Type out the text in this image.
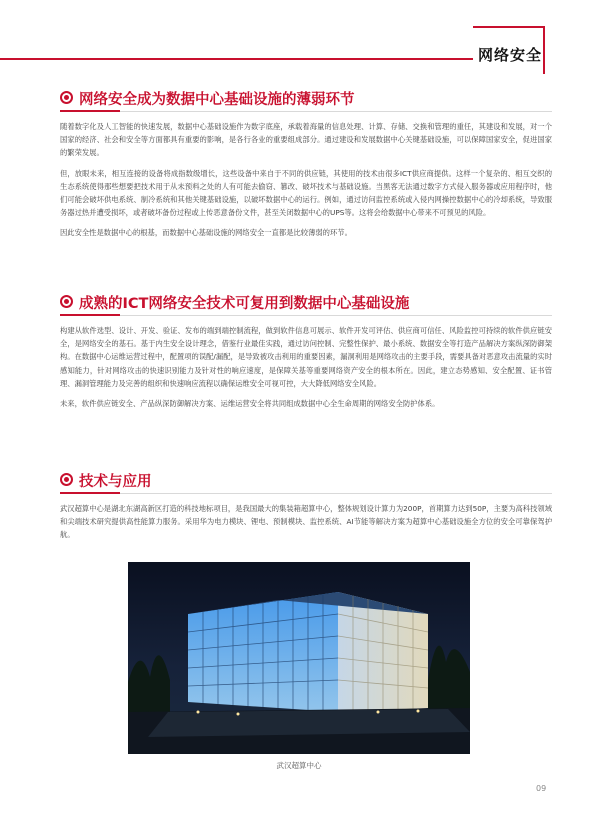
网络安全
网络安全成为数据中心基础设施的薄弱环节

随着数字化及人工智能的快速发展，数据中心基础设施作为数字底座，承载着海量的信息处理、计算、存储、交换和管理的重任，其建设和发展，对一个国家的经济、社会和安全等方面都具有重要的影响，是各行各业的重要组成部分。通过建设和发展数据中心关键基础设施，可以保障国家安全，促进国家的繁荣发展。

但，放眼未来，相互连接的设备将成指数级增长，这些设备中来自于不同的供应链，其使用的技术由很多ICT供应商提供。这样一个复杂的、相互交织的生态系统使得那些想要把技术用于从未预料之处的人有可能去偷窃、篡改、破坏技术与基础设施。当黑客无法通过数字方式侵入服务器或应用程序时，他们可能会破坏供电系统、制冷系统和其他关键基础设施，以破坏数据中心的运行。例如，通过访问监控系统或入侵内网操控数据中心的冷却系统，导致服务器过热并遭受损坏，或者破坏备份过程或上传恶意备份文件，甚至关闭数据中心的UPS等。这将会给数据中心带来不可预见的风险。

因此安全性是数据中心的根基，而数据中心基础设施的网络安全一直都是比较薄弱的环节。

成熟的ICT网络安全技术可复用到数据中心基础设施

构建从软件选型、设计、开发、验证、发布的端到端控制流程，做到软件信息可展示、软件开发可评估、供应商可信任、风险监控可持续的软件供应链安全，是网络安全的基石。基于内生安全设计理念，借鉴行业最佳实践，通过访问控制、完整性保护、最小系统、数据安全等打造产品解决方案纵深防御架构。在数据中心运维运营过程中，配置项的误配/漏配，是导致被攻击利用的重要因素，漏洞利用是网络攻击的主要手段，需要具备对恶意攻击流量的实时感知能力，针对网络攻击的快速识别能力及针对性的响应速度，是保障关基等重要网络资产安全的根本所在。因此，建立态势感知、安全配置、证书管理、漏洞管理能力及完善的组织和快速响应流程以确保运维安全可视可控，大大降低网络安全风险。

未来，软件供应链安全、产品纵深防御解决方案、运维运营安全将共同组成数据中心全生命周期的网络安全防护体系。

技术与应用

武汉超算中心是湖北东湖高新区打造的科技地标项目，是我国最大的集装箱超算中心，整体规划设计算力为200P，首期算力达到50P，主要为高科技领域和尖端技术研究提供高性能算力服务。采用华为电力模块、锂电、预制模块、监控系统、AI节能等解决方案为超算中心基础设施全方位的安全可靠保驾护航。

武汉超算中心
09
